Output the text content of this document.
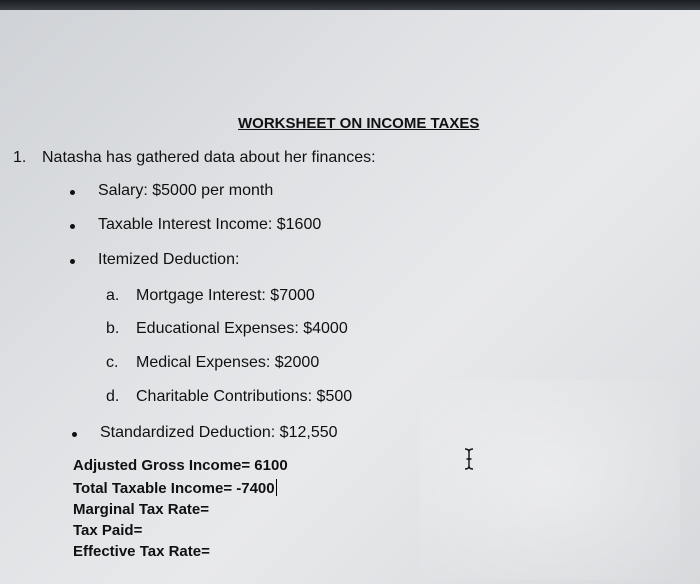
WORKSHEET ON INCOME TAXES
1. Natasha has gathered data about her finances:
Salary: $5000 per month
Taxable Interest Income: $1600
Itemized Deduction:
a. Mortgage Interest: $7000
b. Educational Expenses: $4000
c. Medical Expenses: $2000
d. Charitable Contributions: $500
Standardized Deduction: $12,550
Adjusted Gross Income= 6100
Total Taxable Income= -7400
Marginal Tax Rate=
Tax Paid=
Effective Tax Rate=
